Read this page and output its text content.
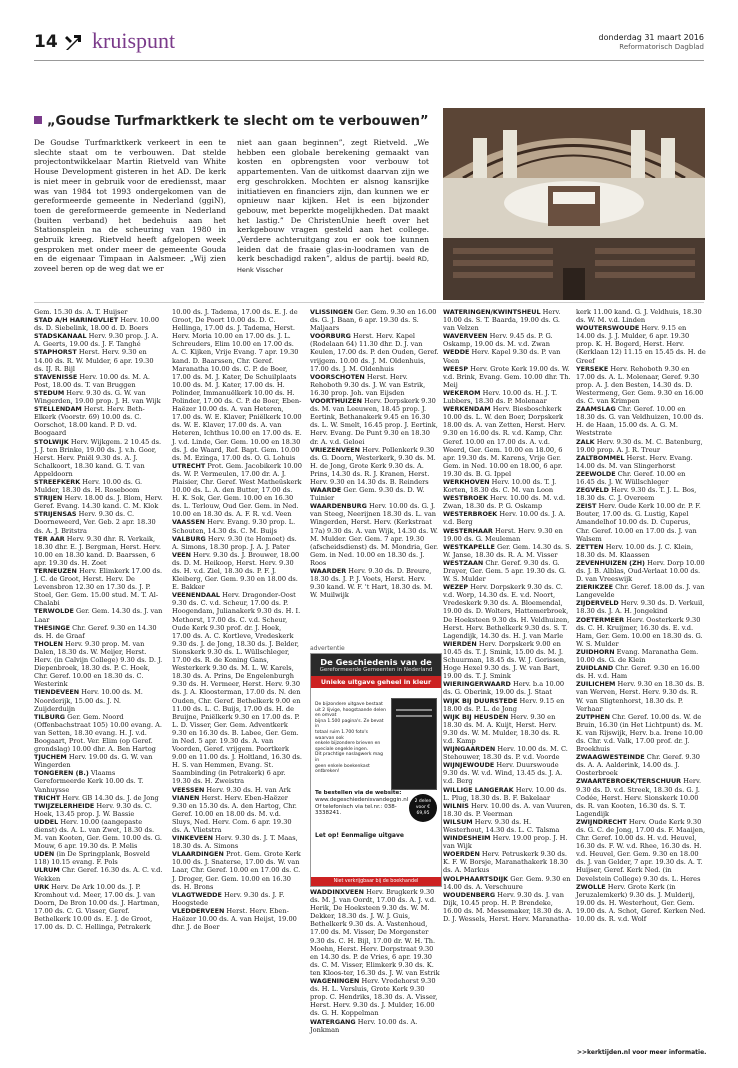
14 kruispunt	donderdag 31 maart 2016
Reformatorisch Dagblad
„Goudse Turfmarktkerk te slecht om te verbouwen”
De Goudse Turfmarktkerk verkeert in een te slechte staat om te verbouwen. Dat stelde projectontwikkelaar Martin Rietveld van White House Development gisteren in het AD. De kerk is niet meer in gebruik voor de erediensst, maar was van 1984 tot 1993 ondergekomen van de gereformeerde gemeente in Nederland (ggiN), toen de gereformeerde gemeente in Nederland (buiten verband) het bedehuis aan het Stationsplein na de scheuring van 1980 in gebruik kreeg. Rietveld heeft afgelopen week gesproken met onder meer de gemeente Gouda en de eigenaar Timpaan in Aalsmeer. „Wij zien zoveel beren op de weg dat we er
niet aan gaan beginnen”, zegt Rietveld. „We hebben een globale berekening gemaakt van kosten en opbrengsten voor verbouw tot appartementen. Van de uitkomst daarvan zijn we erg geschrokken. Mochten er alsnog kansrijke initiatieven en financiers zijn, dan kunnen we er opnieuw naar kijken. Het is een bijzonder gebouw, met beperkte mogelijkheden. Dat maakt het lastig.” De ChristenUnie heeft over het kerkgebouw vragen gesteld aan het college. „Verdere achteruitgang zou er ook toe kunnen leiden dat de fraaie glas-in-loodramen van de kerk beschadigd raken”, aldus de partij. beeld RD, Henk Visscher

Gem. 15.30 ds. A. T. Huijser

STAD A/H HARINGVLIET Herv. 10.00 ds. D. Siebelink, 18.00 d. D. Boers

STADSKANAAL Herv. 9.30 prop. J. A. A. Geerts, 19.00 ds. J. F. Tanghé

STAPHORST Herst. Herv. 9.30 en 14.00 ds. R. W. Mulder, 6 apr. 19.30 ds. IJ. R. Bijl

STAVENISSE Herv. 10.00 ds. M. A. Post, 18.00 ds. T. van Bruggen

STEDUM Herv. 9.30 ds. G. W. van Wingerden, 19.00 prop. J. H. van Wijk

STELLENDAM Herst. Herv. Beth-Elkerk (Voorstr. 69) 10.00 ds. C. Oorschot, 18.00 kand. P. D. vd. Boogaard

STOLWIJK Herv. Wijkgem. 2 10.45 ds. J. J. ten Brinke, 19.00 ds. J. v.h. Goor, Herst. Herv. Pniël 9.30 ds. A. J. Schalkoort, 18.30 kand. G. T. van Appeldoorn

STREEFKERK Herv. 10.00 ds. G. Mulder, 18.30 ds. H. Roseboom

STRIJEN Herv. 18.00 ds. J. Blom, Herv. Geref. Evang. 14.30 kand. C. M. Klok

STRIJENSAS Herv. 9.30 ds. C. Doorneweerd, Ver. Geb. 2 apr. 18.30 ds. A. J. Britstra

TER AAR Herv. 9.30 dhr. R. Verkaik, 18.30 dhr. E. J. Bergman, Herst. Herv. 10.00 en 18.30 kand. D. Baarssen, 6 apr. 19.30 ds. H. Zoet

TERNEUZEN Herv. Elimkerk 17.00 ds. J. C. de Groot, Herst. Herv. De Levensbron 12.30 en 17.30 ds. J. P. Stoel, Ger. Gem. 15.00 stud. M. T. Al-Chalabi

TERWOLDE Ger. Gem. 14.30 ds. J. van Laar

THESINGE Chr. Geref. 9.30 en 14.30 ds. H. de Graaf

THOLEN Herv. 9.30 prop. M. van Dalen, 18.30 ds. W. Meijer, Herst. Herv. (in Calvijn College) 9.30 ds. D. J. Diepenbroek, 18.30 ds. P. C. Hoek, Chr. Geref. 10.00 en 18.30 ds. C. Westerink

TIENDEVEEN Herv. 10.00 ds. M. Noorderijk, 15.00 ds. J. N. Zuijderduijn

TILBURG Ger. Gem. Noord (Offenbachstraat 105) 10.00 evang. A. van Setten, 18.30 evang. H. J. v.d. Boogaart, Prot. Ver. Elim (op Geref. grondslag) 10.00 dhr. A. Ben Hartog

TJUCHEM Herv. 19.00 ds. G. W. van Wingerden

TONGEREN (B.) Vlaams Gereformeerde Kerk 10.00 ds. T. Vanhuysse

TRICHT Herv. GB 14.30 ds. J. de Jong

TWIJZELERHEIDE Herv. 9.30 ds. C. Hoek, 13.45 prop. J. W. Bassie

UDDEL Herv. 10.00 (aangepaste dienst) ds. A. L. van Zwet, 18.30 ds. M. van Kooten, Ger. Gem. 10.00 ds. G. Mouw, 6 apr. 19.30 ds. P. Melis

UDEN (in De Springplank, Bosveld 118) 10.15 evang. F. Pols

ULRUM Chr. Geref. 16.30 ds. A. C. v.d. Wekken

URK Herv. De Ark 10.00 ds. J. P. Kromhout v.d. Meer, 17.00 ds. J. van Doorn, De Bron 10.00 ds. J. Hartman, 17.00 ds. C. G. Visser, Geref. Bethelkerk 10.00 ds. E. J. de Groot, 17.00 ds. D. C. Hellinga, Petrakerk

10.00 ds. J. Tadema, 17.00 ds. E. J. de Groot, De Poort 10.00 ds. D. C. Hellinga, 17.00 ds. J. Tadema, Herst. Herv. Moria 10.00 en 17.00 ds. J. L. Schreuders, Elim 10.00 en 17.00 ds. A. C. Kijken, Vrije Evang. 7 apr. 19.30 kand. D. Baarssen, Chr. Geref. Maranatha 10.00 ds. C. P. de Boer, 17.00 ds. M. J. Kater, De Schuilplaats 10.00 ds. M. J. Kater, 17.00 ds. H. Polinder, Immanuëlkerk 10.00 ds. H. Polinder, 17.00 ds. C. P. de Boer, Eben-Haëzer 10.00 ds. A. van Heteren, 17.00 ds. W. E. Klaver, Pniëlkerk 10.00 ds. W. E. Klaver, 17.00 ds. A. van Heteren, Ichthus 10.00 en 17.00 ds. E. J. v.d. Linde, Ger. Gem. 10.00 en 18.30 ds. J. de Waard, Ref. Bapt. Gem. 10.00 ds. M. Ezinga, 17.00 ds. O. G. Lohuis

UTRECHT Prot. Gem. Jacobikerk 10.00 ds. W. P. Vermeulen, 17.00 dr. A. J. Plaisier, Chr. Geref. West Matheüskerk 10.00 ds. L. A. den Butter, 17.00 ds. H. K. Sok, Ger. Gem. 10.00 en 16.30 ds. L. Terlouw, Oud Ger. Gem. in Ned. 10.00 en 18.30 ds. A. F. R. v.d. Veen

VAASSEN Herv. Evang. 9.30 prop. L. Schouten, 14.30 ds. C. M. Buijs

VALBURG Herv. 9.30 (te Homoet) ds. A. Simons, 18.30 prop. J. A. J. Pater

VEEN Herv. 9.30 ds. J. Brouwer, 18.00 ds. D. M. Heikoop, Herst. Herv. 9.30 ds. H. v.d. Ziel, 18.30 ds. P. F. J. Kleiberg, Ger. Gem. 9.30 en 18.00 ds. E. Bakker

VEENENDAAL Herv. Dragonder-Oost 9.30 ds. C. v.d. Scheur, 17.00 ds. P. Hoogendam, Julianakerk 9.30 ds. H. I. Methorst, 17.00 ds. C. v.d. Scheur, Oude Kerk 9.30 prof. dr. J. Hoek, 17.00 ds. A. C. Kortleve, Vredeskerk 9.30 ds. J. de Jong, 18.30 ds. J. Belder, Sionskerk 9.30 ds. L. Wüllschleger, 17.00 ds. R. de Koning Gans, Westerkerk 9.30 ds. M. L. W. Karels, 18.30 ds. A. Prins, De Engelenburgh 9.30 ds. H. Vermeer, Herst. Herv. 9.30 ds. J. A. Kloosterman, 17.00 ds. N. den Ouden, Chr. Geref. Bethelkerk 9.00 en 11.00 ds. L. C. Buijs, 17.00 ds. H. de Bruijne, Pniëlkerk 9.30 en 17.00 ds. P. L. D. Visser, Ger. Gem. Adventkerk 9.30 en 16.30 ds. B. Labee, Ger. Gem. in Ned. 5 apr. 19.30 ds. A. van Voorden, Geref. vrijgem. Poortkerk 9.00 en 11.00 ds. J. Holtland, 16.30 ds. H. S. van Hemmen, Evang. St. Saambinding (in Petrakerk) 6 apr. 19.30 ds. H. Zweistra

VEESSEN Herv. 9.30 ds. H. van Ark

VIANEN Herst. Herv. Eben-Haëzer 9.30 en 15.30 ds. A. den Hartog, Chr. Geref. 10.00 en 18.00 ds. M. v.d. Sluys, Ned. Herv. Com. 6 apr. 19.30 ds. A. Vlietstra

VINKEVEEN Herv. 9.30 ds. J. T. Maas, 18.30 ds. A. Simons

VLAARDINGEN Prot. Gem. Grote Kerk 10.00 ds. J. Snaterse, 17.00 ds. W. van Laar, Chr. Geref. 10.00 en 17.00 ds. C. J. Droger, Ger. Gem. 10.00 en 16.30 ds. H. Brons

VLAGTWEDDE Herv. 9.30 ds. J. F. Hoogstede

VLEDDERVEEN Herst. Herv. Eben-Haëzer 10.00 ds. A. van Heijst, 19.00 dhr. J. de Boer

VLISSINGEN Ger. Gem. 9.30 en 16.00 ds. G. J. Baan, 6 apr. 19.30 ds. S. Maljaars

VOORBURG Herst. Herv. Kapel (Rodelaan 64) 11.30 dhr. D. J. van Keulen, 17.00 ds. P. den Ouden, Geref. vrijgem. 10.00 ds. J. M. Oldenhuis, 17.00 ds. J. M. Oldenhuis

VOORSCHOTEN Herst. Herv. Rehoboth 9.30 ds. J. W. van Estrik, 16.30 prop. Joh. van Eijsden

VOORTHUIZEN Herv. Dorpskerk 9.30 ds. M. van Leeuwen, 18.45 prop. J. Eertink, Bethanakerk 9.45 en 16.30 ds. L. W. Smelt, 16.45 prop. J. Eertink, Herv. Evang. De Punt 9.30 en 18.30 dr. A. v.d. Geloei

VRIEZENVEEN Herv. Pollenkerk 9.30 ds. G. Doorn, Westerkerk, 9.30 ds. M. H. de Jong, Grote Kerk 9.30 ds. A. Prins, 14.30 ds. R. J. Kranen, Herst. Herv. 9.30 en 14.30 ds. B. Reinders

WAARDE Ger. Gem. 9.30 ds. D. W. Tuinier

WAARDENBURG Herv. 10.00 ds. G. J. van Steeg, Neerijnen 18.30 ds. L. van Wingerden, Herst. Herv. (Kerkstraat 17a) 9.30 ds. A. van Wijk, 14.30 ds. W. M. Mulder. Ger. Gem. 7 apr. 19.30 (afscheidsdienst) ds. M. Mondria, Ger. Gem. in Ned. 10.00 en 18.30 ds. J. Roos

WAARDER Herv. 9.30 ds. D. Breure, 18.30 ds. J. P. J. Voets, Herst. Herv. 9.30 kand. W. F. 't Hart, 18.30 ds. M. W. Muilwijk

WADDINXVEEN Herv. Brugkerk 9.30 ds. M. J. van Oordt, 17.00 ds. A. J. v.d. Herik, De Hoeksteen 9.30 ds. W. M. Dekker, 18.30 ds. J. W. J. Guis, Bethelkerk 9.30 ds. A. Vastenhoud, 17.00 ds. M. Visser, De Morgenster 9.30 ds. C. H. Bijl, 17.00 dr. W. H. Th. Moehn, Herst. Herv. Dorpstraat 9.30 en 14.30 ds. P. de Vries, 6 apr. 19.30 ds. C. M. Visser, Elimkerk 9.30 ds. K. ten Kloos-ter, 16.30 ds. J. W. van Estrik

WAGENINGEN Herv. Vredehorst 9.30 ds. H. L. Versluis, Grote Kerk 9.30 prop. C. Hendriks, 18.30 ds. A. Visser, Herst. Herv. 9.30 ds. J. Mulder, 16.00 ds. G. H. Koppelman

WATERGANG Herv. 10.00 ds. A. Jonkman

WATERINGEN/KWINTSHEUL Herv. 10.00 ds. S. T. Baarda, 19.00 ds. G. van Velzen

WAVERVEEN Herv. 9.45 ds. P. G. Oskamp, 19.00 ds. M. v.d. Zwan

WEDDE Herv. Kapel 9.30 ds. P. van Veen

WEESP Herv. Grote Kerk 19.00 ds. W. v.d. Brink, Evang. Gem. 10.00 dhr. Th. Meij

WEKEROM Herv. 10.00 ds. H. J. T. Lubbers, 18.30 ds. P. Molenaar

WERKENDAM Herv. Biesboschkerk 10.00 ds. L. W. den Boer, Dorpskerk 18.00 ds. A. van Zetten, Herst. Herv. 9.30 en 16.00 ds. R. v.d. Kamp, Chr. Geref. 10.00 en 17.00 ds. A. v.d. Weerd, Ger. Gem. 10.00 en 18.00, 6 apr. 19.30 ds. M. Karens, Vrije Ger. Gem. in Ned. 10.00 en 18.00, 6 apr. 19.30 ds. B. G. Ippel

WERKHOVEN Herv. 10.00 ds. T. J. Korten, 18.30 ds. C. M. van Loon

WESTBROEK Herv. 10.00 ds. M. v.d. Zwan, 18.30 ds. P. G. Oskamp

WESTERBROEK Herv. 10.00 ds. J. A. v.d. Berg

WESTERHAAR Herst. Herv. 9.30 en 19.00 ds. G. Meuleman

WESTKAPELLE Ger. Gem. 14.30 ds. S. W. Janse, 18.30 ds. R. A. M. Visser

WESTZAAN Chr. Geref. 9.30 ds. G. Drayer, Ger. Gem. 5 apr. 19.30 ds. G. W. S. Mulder

WEZEP Herv. Dorpskerk 9.30 ds. C. v.d. Worp, 14.30 ds. E. v.d. Noort, Vredeskerk 9.30 ds. A. Bloemendal, 19.00 ds. D. Wolters, Hattemerbroek, De Hoeksteen 9.30 ds. H. Veldhuizen, Herst. Herv. Bethelkerk 9.30 ds. S. T. Lagendijk, 14.30 ds. H. J. van Marle

WIERDEN Herv. Dorpskerk 9.00 en 10.45 ds. T. J. Smink, 15.00 ds. M. J. Schuurman, 18.45 ds. W. J. Gorissen, Hoge Hexel 9.30 ds. J. W. van Bart, 19.00 ds. T. J. Smink

WIERINGERWAARD Herv. b.a 10.00 ds. G. Oberink, 19.00 ds. J. Staat

WIJK BIJ DUURSTEDE Herv. 9.15 en 18.00 ds. P. L. de Jong

WIJK BIJ HEUSDEN Herv. 9.30 en 18.30 ds. M. A. Kuijt, Herst. Herv. 9.30 ds. W. M. Mulder, 18.30 ds. R. v.d. Kamp

WIJNGAARDEN Herv. 10.00 ds. M. C. Stehouwer, 18.30 ds. P. v.d. Voorde

WIJNJEWOUDE Herv. Duurswoude 9.30 ds. W. v.d. Wind, 13.45 ds. J. A. v.d. Berg

WILLIGE LANGERAK Herv. 10.00 ds. L. Plug, 18.30 ds. B. F. Bakelaar

WILNIS Herv. 10.00 ds. A. van Vuuren, 18.30 ds. P. Veerman

WILSUM Herv. 9.30 ds. H. Westerhout, 14.30 ds. L. C. Talsma

WINDESHEIM Herv. 19.00 prop. J. H. van Wijk

WOERDEN Herv. Petruskerk 9.30 ds. K. F. W. Borsje, Maranathakerk 18.30 ds. A. Markus

WOLPHAARTSDIJK Ger. Gem. 9.30 en 14.00 ds. A. Verschuure

WOUDENBERG Herv. 9.30 ds. J. van Dijk, 10.45 prop. H. P. Brendeke, 16.00 ds. M. Messemaker, 18.30 ds. A. D. J. Wessels, Herst. Herv. Maranatha-

kerk 11.00 kand. G. J. Veldhuis, 18.30 ds. W. M. v.d. Linden

WOUTERSWOUDE Herv. 9.15 en 14.00 ds. J. J. Mulder, 6 apr. 19.30 prop. K. H. Bogerd, Herst. Herv. (Kerklaan 12) 11.15 en 15.45 ds. H. de Greef

YERSEKE Herv. Rehoboth 9.30 en 17.00 ds. A. L. Molenaar, Geref. 9.30 prop. A. J. den Besten, 14.30 ds. D. Westermeng, Ger. Gem. 9.30 en 16.00 ds. C. van Krimpen

ZAAMSLAG Chr. Geref. 10.00 en 18.30 ds. G. van Veldhuizen, 10.00 ds. H. de Haan, 15.00 ds. A. G. M. Weststrate

ZALK Herv. 9.30 ds. M. C. Batenburg, 19.00 prop. A. J. R. Treur

ZALTBOMMEL Herst. Herv. Evang. 14.00 ds. M. van Slingerhorst

ZEEWOLDE Chr. Geref. 10.00 en 16.45 ds. J. W. Wüllschleger

ZEGVELD Herv. 9.30 ds. T. J. L. Bos, 18.30 ds. C. J. Overeem

ZEIST Herv. Oude Kerk 10.00 dr. P. F. Bouter, 17.00 ds. G. Lustig, Kapel Amandelhof 10.00 ds. D. Cuperus, Chr. Geref. 10.00 en 17.00 ds. J. van Walsem

ZETTEN Herv. 10.00 ds. J. C. Klein, 18.30 ds. M. Klaassen

ZEVENHUIZEN (ZH) Herv. Dorp 10.00 ds. J. B. Alblas, Oud-Verlaat 10.00 ds. D. van Vreeswijk

ZIERIKZEE Chr. Geref. 18.00 ds. J. van Langevelde

ZIJDERVELD Herv. 9.30 ds. D. Verkuil, 18.30 ds. J. A. H. Jongekind

ZOETERMEER Herv. Oosterkerk 9.30 ds. C. H. Kruijmer, 16.30 ds. E. v.d. Ham, Ger. Gem. 10.00 en 18.30 ds. G. W. S. Mulder

ZUIDHORN Evang. Maranatha Gem. 10.00 ds. G. de Klein

ZUIDLAND Chr. Geref. 9.30 en 16.00 ds. H. v.d. Ham

ZUILICHEM Herv. 9.30 en 18.30 ds. B. van Werven, Herst. Herv. 9.30 ds. R. W. van Sligtenhorst, 18.30 ds. P. Verhaar

ZUTPHEN Chr. Geref. 10.00 ds. W. de Bruin, 16.30 (in Het Lichtpunt) ds. M. K. van Rijswijk, Herv. b.a. Irene 10.00 ds. Chr. v.d. Valk, 17.00 prof. dr. J. Broekhuis

ZWAAGWESTEINDE Chr. Geref. 9.30 ds. A. A. Aalderink, 14.00 ds. J. Oosterbroek

ZWAARTEBROEK/TERSCHUUR Herv. 9.30 ds. D. v.d. Streek, 18.30 ds. G. J. Codée, Herst. Herv. Sionskerk 10.00 ds. R. van Kooten, 16.30 ds. S. T. Lagendijk

ZWIJNDRECHT Herv. Oude Kerk 9.30 ds. G. C. de Jong, 17.00 ds. F. Maaijen, Chr. Geref. 10.00 ds. H. v.d. Heuvel, 16.30 ds. F. W. v.d. Rhee, 16.30 ds. H. v.d. Heuvel, Ger. Gem. 9.30 en 18.00 ds. J. van Gelder, 7 apr. 19.30 ds. A. T. Huijser, Geref. Kerk Ned. (in Develstein College) 9.30 ds. L. Heres

ZWOLLE Herv. Grote Kerk (in Jeruzalemkerk) 9.30 ds. J. Mulderij, 19.00 ds. H. Westerhout, Ger. Gem. 19.00 ds. A. Schot, Geref. Kerken Ned. 10.00 ds. R. v.d. Wolf

advertentie
De Geschiedenis van de
Gereformeerde Gemeenten in Nederland
Unieke uitgave geheel in kleur
De bijzondere uitgave bestaat uit 2 lijvige, hoogstaande delen en omvat
bijna 1.500 pagina's. Ze bevat in
totaal ruim 1.700 foto's waarvan ook
enkele bijzondere brieven en
speciale ongekle ingen.
Dit prachtige naslagwerk mag in
geen enkele boekenkast ontbreken!
Te bestellen via de website:
www.degeschiedenisvandeggin.nl
Of telefonisch via tel.nr.: 038-3338241.
2 delen voor € 69,95
Let op! Eenmalige uitgave
Niet verkrijgbaar bij de boekhandel
>>kerktijden.nl voor meer informatie.
